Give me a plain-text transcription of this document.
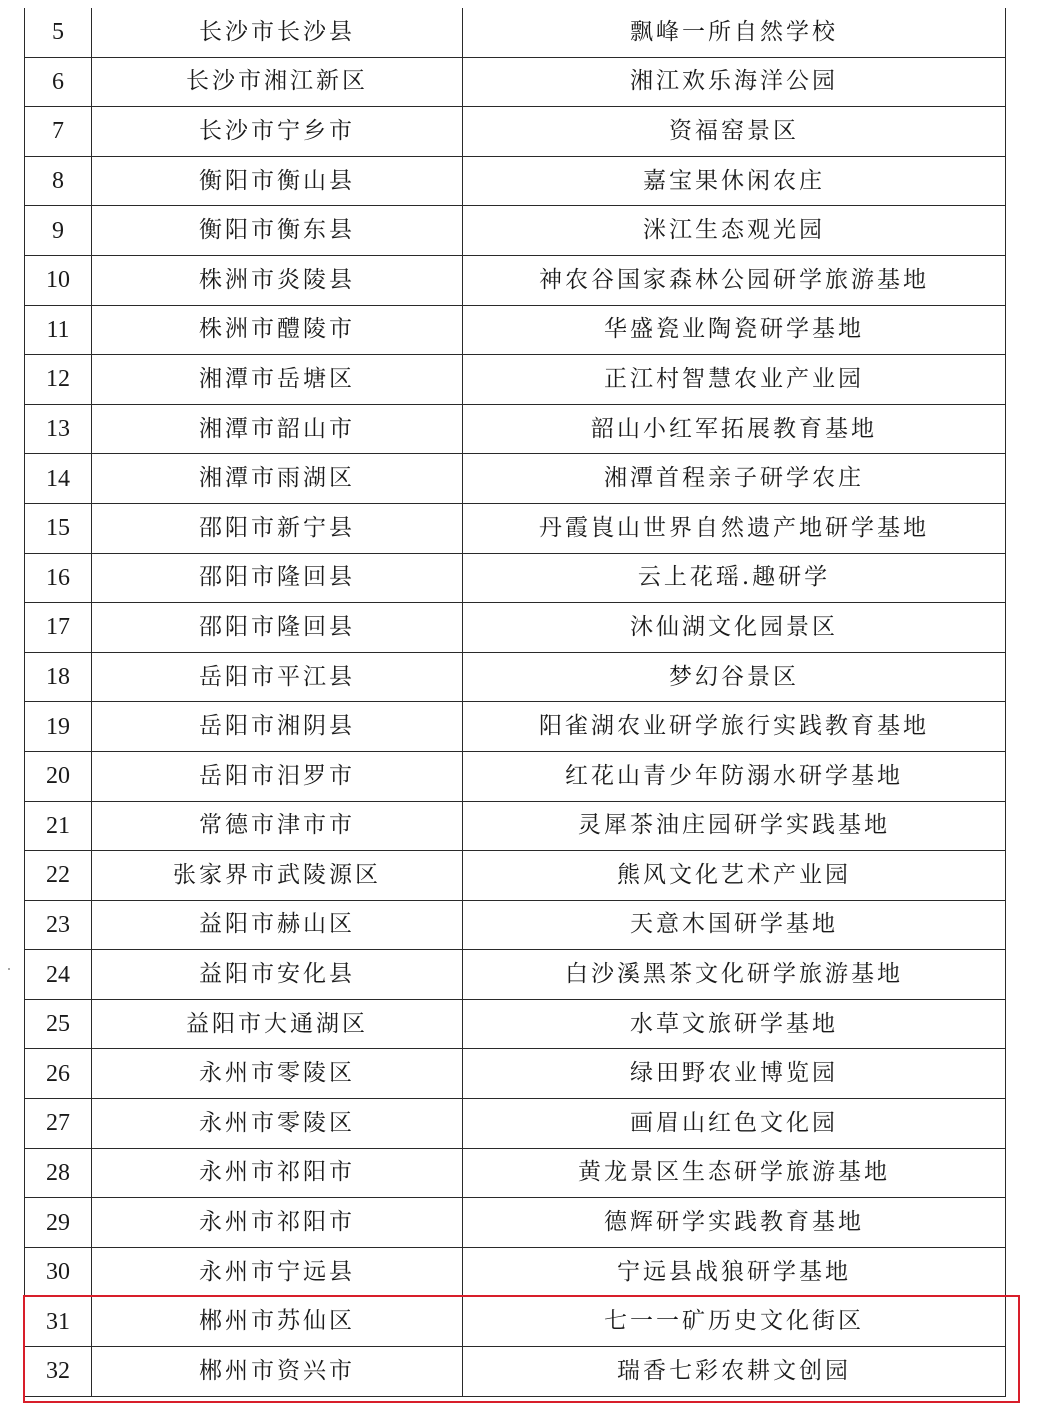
5	长沙市长沙县	飘峰一所自然学校
6	长沙市湘江新区	湘江欢乐海洋公园
7	长沙市宁乡市	资福窑景区
8	衡阳市衡山县	嘉宝果休闲农庄
9	衡阳市衡东县	洣江生态观光园
10	株洲市炎陵县	神农谷国家森林公园研学旅游基地
11	株洲市醴陵市	华盛瓷业陶瓷研学基地
12	湘潭市岳塘区	正江村智慧农业产业园
13	湘潭市韶山市	韶山小红军拓展教育基地
14	湘潭市雨湖区	湘潭首程亲子研学农庄
15	邵阳市新宁县	丹霞崀山世界自然遗产地研学基地
16	邵阳市隆回县	云上花瑶.趣研学
17	邵阳市隆回县	沐仙湖文化园景区
18	岳阳市平江县	梦幻谷景区
19	岳阳市湘阴县	阳雀湖农业研学旅行实践教育基地
20	岳阳市汨罗市	红花山青少年防溺水研学基地
21	常德市津市市	灵犀茶油庄园研学实践基地
22	张家界市武陵源区	熊风文化艺术产业园
23	益阳市赫山区	天意木国研学基地
24	益阳市安化县	白沙溪黑茶文化研学旅游基地
25	益阳市大通湖区	水草文旅研学基地
26	永州市零陵区	绿田野农业博览园
27	永州市零陵区	画眉山红色文化园
28	永州市祁阳市	黄龙景区生态研学旅游基地
29	永州市祁阳市	德辉研学实践教育基地
30	永州市宁远县	宁远县战狼研学基地
31	郴州市苏仙区	七一一矿历史文化街区
32	郴州市资兴市	瑞香七彩农耕文创园
